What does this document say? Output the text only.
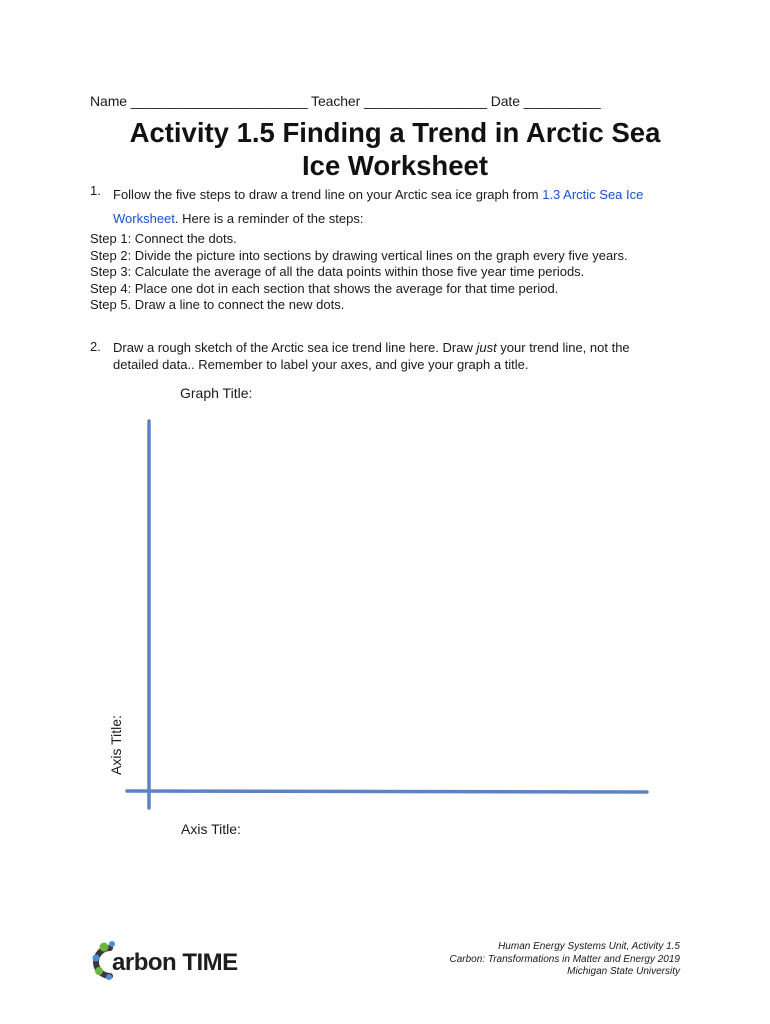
Name _______________________ Teacher ________________ Date __________
Activity 1.5 Finding a Trend in Arctic Sea
Ice Worksheet
1. Follow the five steps to draw a trend line on your Arctic sea ice graph from 1.3 Arctic Sea Ice
Worksheet. Here is a reminder of the steps:
Step 1: Connect the dots.
Step 2: Divide the picture into sections by drawing vertical lines on the graph every five years.
Step 3: Calculate the average of all the data points within those five year time periods.
Step 4: Place one dot in each section that shows the average for that time period.
Step 5. Draw a line to connect the new dots.
2. Draw a rough sketch of the Arctic sea ice trend line here. Draw just your trend line, not the
detailed data.. Remember to label your axes, and give your graph a title.
Graph Title:
Axis Title:
Axis Title:
arbon TIME
Human Energy Systems Unit, Activity 1.5
Carbon: Transformations in Matter and Energy 2019
Michigan State University
